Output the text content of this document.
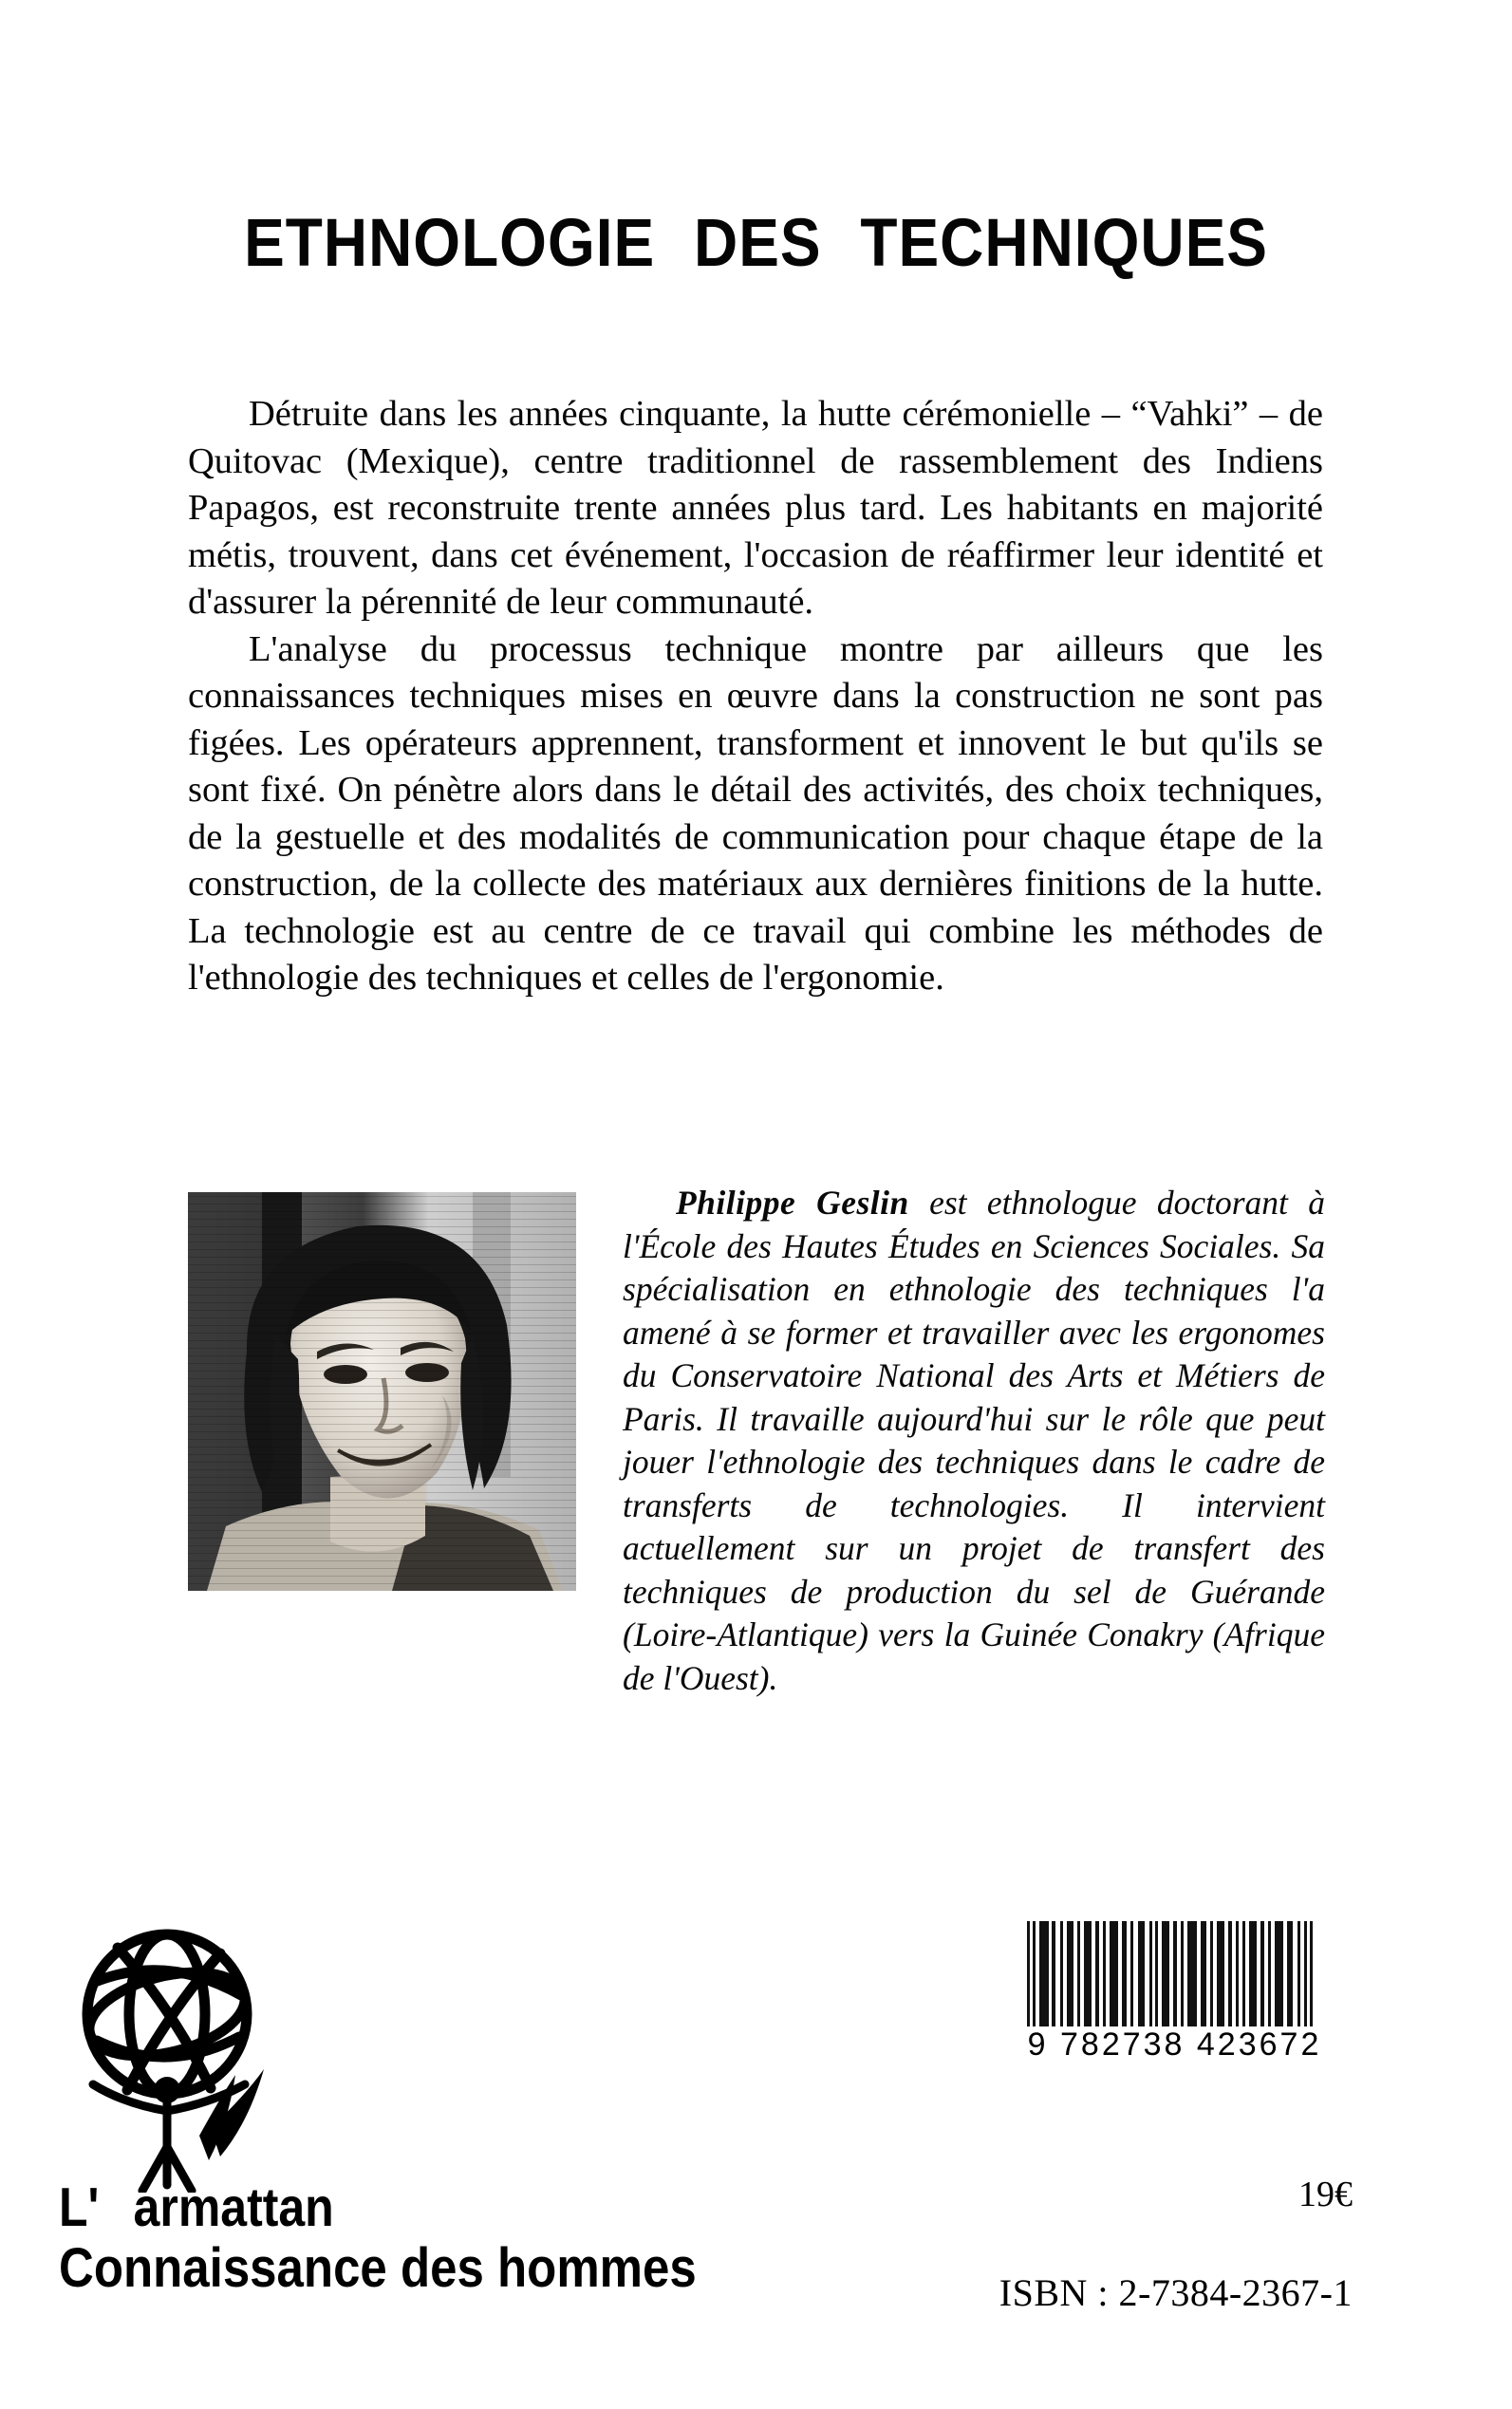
ETHNOLOGIE DES TECHNIQUES

Détruite dans les années cinquante, la hutte cérémonielle – “Vahki” – de Quitovac (Mexique), centre traditionnel de rassemblement des Indiens Papagos, est reconstruite trente années plus tard. Les habitants en majorité métis, trouvent, dans cet événement, l'occasion de réaffirmer leur identité et d'assurer la pérennité de leur communauté.

L'analyse du processus technique montre par ailleurs que les connaissances techniques mises en œuvre dans la construction ne sont pas figées. Les opérateurs apprennent, transforment et innovent le but qu'ils se sont fixé. On pénètre alors dans le détail des activités, des choix techniques, de la gestuelle et des modalités de communication pour chaque étape de la construction, de la collecte des matériaux aux dernières finitions de la hutte. La technologie est au centre de ce travail qui combine les méthodes de l'ethnologie des techniques et celles de l'ergonomie.

Philippe Geslin est ethnologue doctorant à l'École des Hautes Études en Sciences Sociales. Sa spécialisation en ethnologie des techniques l'a amené à se former et travailler avec les ergonomes du Conservatoire National des Arts et Métiers de Paris. Il travaille aujourd'hui sur le rôle que peut jouer l'ethnologie des techniques dans le cadre de transferts de technologies. Il intervient actuellement sur un projet de transfert des techniques de production du sel de Guérande (Loire-Atlantique) vers la Guinée Conakry (Afrique de l'Ouest).

L' armattan
Connaissance des hommes
9 782738 423672
19€
ISBN : 2-7384-2367-1
